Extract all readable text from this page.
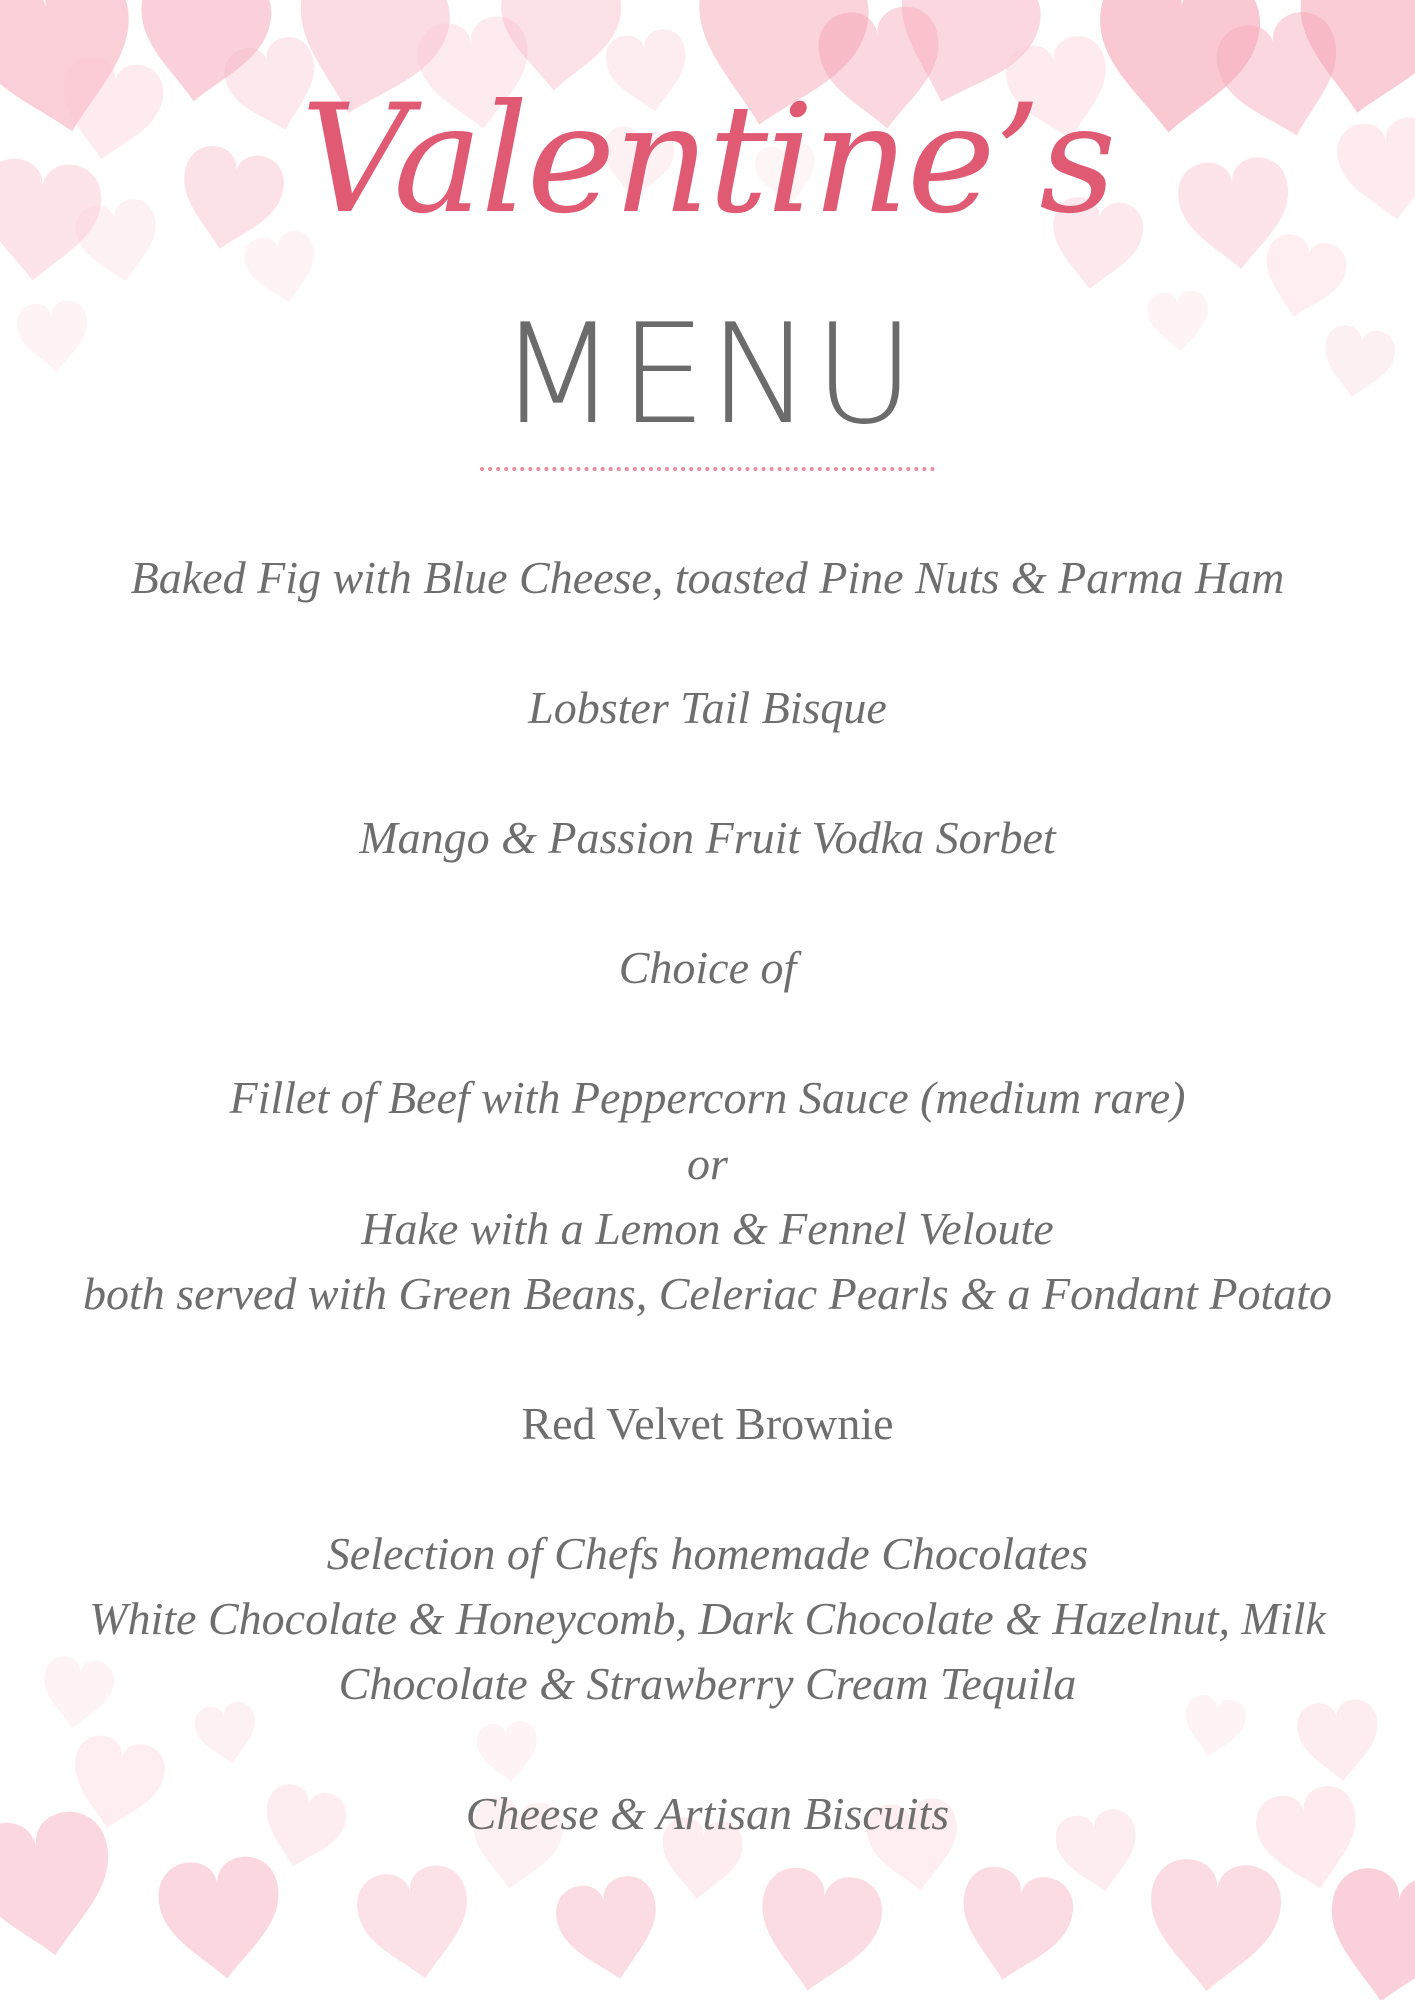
Valentine’s
MENU
Baked Fig with Blue Cheese, toasted Pine Nuts & Parma Ham
Lobster Tail Bisque
Mango & Passion Fruit Vodka Sorbet
Choice of
Fillet of Beef with Peppercorn Sauce (medium rare)
or
Hake with a Lemon & Fennel Veloute
both served with Green Beans, Celeriac Pearls & a Fondant Potato
Red Velvet Brownie
Selection of Chefs homemade Chocolates
White Chocolate & Honeycomb, Dark Chocolate & Hazelnut, Milk
Chocolate & Strawberry Cream Tequila
Cheese & Artisan Biscuits
